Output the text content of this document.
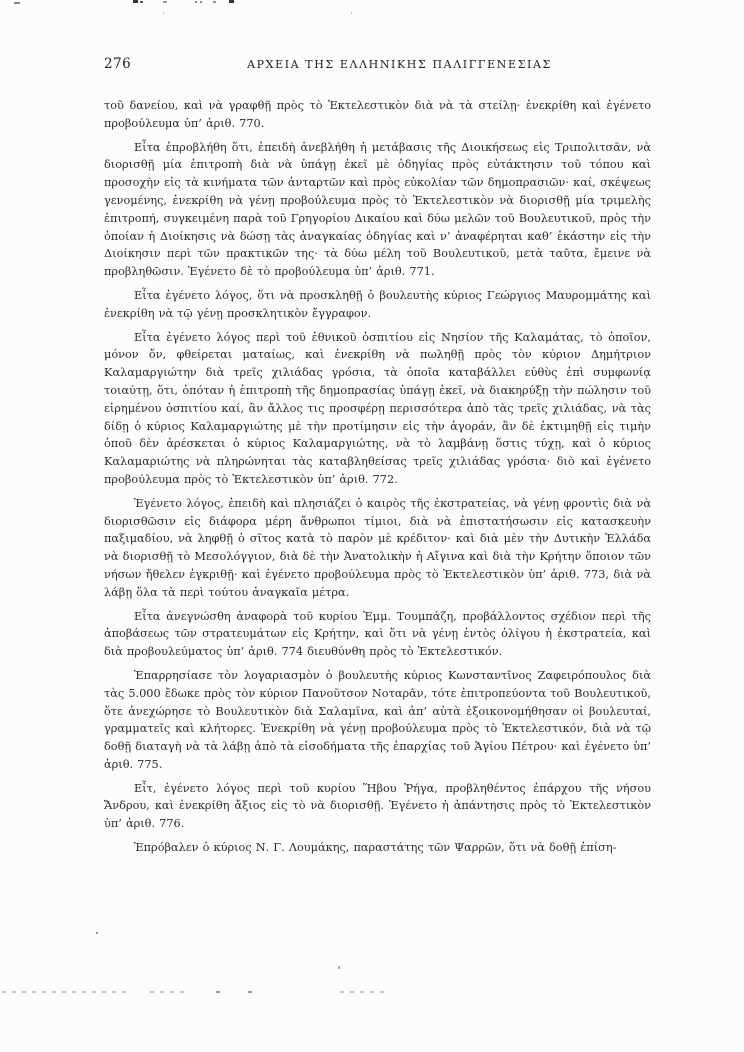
276	ΑΡΧΕΙΑ ΤΗΣ ΕΛΛΗΝΙΚΗΣ ΠΑΛΙΓΓΕΝΕΣΙΑΣ

τοῦ δανείου, καὶ νὰ γραφθῇ πρὸς τὸ Ἐκτελεστικὸν διὰ νὰ τὰ στείλῃ· ἐνεκρίθη καὶ ἐγένετο προβούλευμα ὑπ’ ἀριθ. 770.

Εἶτα ἐπροβλήθη ὅτι, ἐπειδὴ ἀνεβλήθη ἡ μετάβασις τῆς Διοικήσεως εἰς Τριπολιτσᾶν, νὰ διορισθῇ μία ἐπιτροπὴ διὰ νὰ ὑπάγῃ ἐκεῖ μὲ ὁδηγίας πρὸς εὐτάκτησιν τοῦ τόπου καὶ προσοχὴν εἰς τὰ κινήματα τῶν ἀνταρτῶν καὶ πρὸς εὐκολίαν τῶν δημοπρασιῶν· καί, σκέψεως γενομένης, ἐνεκρίθη νὰ γένῃ προβούλευμα πρὸς τὸ Ἐκτελεστικὸν νὰ διορισθῇ μία τριμελὴς ἐπιτροπή, συγκειμένη παρὰ τοῦ Γρηγορίου Δικαίου καὶ δύω μελῶν τοῦ Βουλευτικοῦ, πρὸς τὴν ὁποίαν ἡ Διοίκησις νὰ δώσῃ τὰς ἀναγκαίας ὁδηγίας καὶ ν’ ἀναφέρηται καθ’ ἑκάστην εἰς τὴν Διοίκησιν περὶ τῶν πρακτικῶν της· τὰ δύω μέλη τοῦ Βουλευτικοῦ, μετὰ ταῦτα, ἔμεινε νὰ προβληθῶσιν. Ἐγένετο δὲ τὸ προβούλευμα ὑπ’ ἀριθ. 771.

Εἶτα ἐγένετο λόγος, ὅτι νὰ προσκληθῇ ὁ βουλευτὴς κύριος Γεώργιος Μαυρομμάτης καὶ ἐνεκρίθη νὰ τῷ γένῃ προσκλητικὸν ἔγγραφον.

Εἶτα ἐγένετο λόγος περὶ τοῦ ἐθνικοῦ ὁσπιτίου εἰς Νησίον τῆς Καλαμάτας, τὸ ὁποῖον, μόνον ὄν, φθείρεται ματαίως, καὶ ἐνεκρίθη νὰ πωληθῇ πρὸς τὸν κύριον Δημήτριον Καλαμαργιώτην διὰ τρεῖς χιλιάδας γρόσια, τὰ ὁποῖα καταβάλλει εὐθὺς ἐπὶ συμφωνίᾳ τοιαύτῃ, ὅτι, ὁπόταν ἡ ἐπιτροπὴ τῆς δημοπρασίας ὑπάγῃ ἐκεῖ, νὰ διακηρύξῃ τὴν πώλησιν τοῦ εἰρημένου ὁσπιτίου καί, ἂν ἄλλος τις προσφέρῃ περισσότερα ἀπὸ τὰς τρεῖς χιλιάδας, νὰ τὰς δίδῃ ὁ κύριος Καλαμαργιώτης μὲ τὴν προτίμησιν εἰς τὴν ἀγοράν, ἂν δὲ ἐκτιμηθῇ εἰς τιμὴν ὁποῦ δὲν ἀρέσκεται ὁ κύριος Καλαμαργιώτης, νὰ τὸ λαμβάνῃ ὅστις τύχῃ, καὶ ὁ κύριος Καλαμαριώτης νὰ πληρώνηται τὰς καταβληθείσας τρεῖς χιλιάδας γρόσια· διὸ καὶ ἐγένετο προβούλευμα πρὸς τὸ Ἐκτελεστικὸν ὑπ’ ἀριθ. 772.

Ἐγένετο λόγος, ἐπειδὴ καὶ πλησιάζει ὁ καιρὸς τῆς ἐκστρατείας, νὰ γένῃ φροντὶς διὰ νὰ διορισθῶσιν εἰς διάφορα μέρη ἄνθρωποι τίμιοι, διὰ νὰ ἐπιστατήσωσιν εἰς κατασκευὴν παξιμαδίου, νὰ ληφθῇ ὁ σῖτος κατὰ τὸ παρὸν μὲ κρέδιτον· καὶ διὰ μὲν τὴν Δυτικὴν Ἑλλάδα νὰ διορισθῇ τὸ Μεσολόγγιον, διὰ δὲ τὴν Ἀνατολικὴν ἡ Αἴγινα καὶ διὰ τὴν Κρήτην ὅποιον τῶν νήσων ἤθελεν ἐγκριθῇ· καὶ ἐγένετο προβούλευμα πρὸς τὸ Ἐκτελεστικὸν ὑπ’ ἀριθ. 773, διὰ νὰ λάβῃ ὅλα τὰ περὶ τούτου ἀναγκαῖα μέτρα.

Εἶτα ἀνεγνώσθη ἀναφορὰ τοῦ κυρίου Ἐμμ. Τουμπάζη, προβάλλοντος σχέδιον περὶ τῆς ἀποβάσεως τῶν στρατευμάτων εἰς Κρήτην, καὶ ὅτι νὰ γένῃ ἐντὸς ὀλίγου ἡ ἐκστρατεία, καὶ διὰ προβουλεύματος ὑπ’ ἀριθ. 774 διευθύνθη πρὸς τὸ Ἐκτελεστικόν.

Ἐπαρρησίασε τὸν λογαριασμὸν ὁ βουλευτὴς κύριος Κωνσταντῖνος Ζαφειρόπουλος διὰ τὰς 5.000 ἔδωκε πρὸς τὸν κύριον Πανοῦτσον Νοταρᾶν, τότε ἐπιτροπεύοντα τοῦ Βουλευτικοῦ, ὅτε ἀνεχώρησε τὸ Βουλευτικὸν διὰ Σαλαμῖνα, καὶ ἀπ’ αὐτὰ ἐξοικονομήθησαν οἱ βουλευταί, γραμματεῖς καὶ κλήτορες. Ἐνεκρίθη νὰ γένῃ προβούλευμα πρὸς τὸ Ἐκτελεστικόν, διὰ νὰ τῷ δοθῇ διαταγὴ νὰ τὰ λάβῃ ἀπὸ τὰ εἰσοδήματα τῆς ἐπαρχίας τοῦ Ἁγίου Πέτρου· καὶ ἐγένετο ὑπ’ ἀριθ. 775.

Εἶτ, ἐγένετο λόγος περὶ τοῦ κυρίου Ἥβου Ῥήγα, προβληθέντος ἐπάρχου τῆς νήσου Ἄνδρου, καὶ ἐνεκρίθη ἄξιος εἰς τὸ νὰ διορισθῇ. Ἐγένετο ἡ ἀπάντησις πρὸς τὸ Ἐκτελεστικὸν ὑπ’ ἀριθ. 776.

Ἐπρόβαλεν ὁ κύριος Ν. Γ. Λουμάκης, παραστάτης τῶν Ψαρρῶν, ὅτι νὰ δοθῇ ἐπίση-
